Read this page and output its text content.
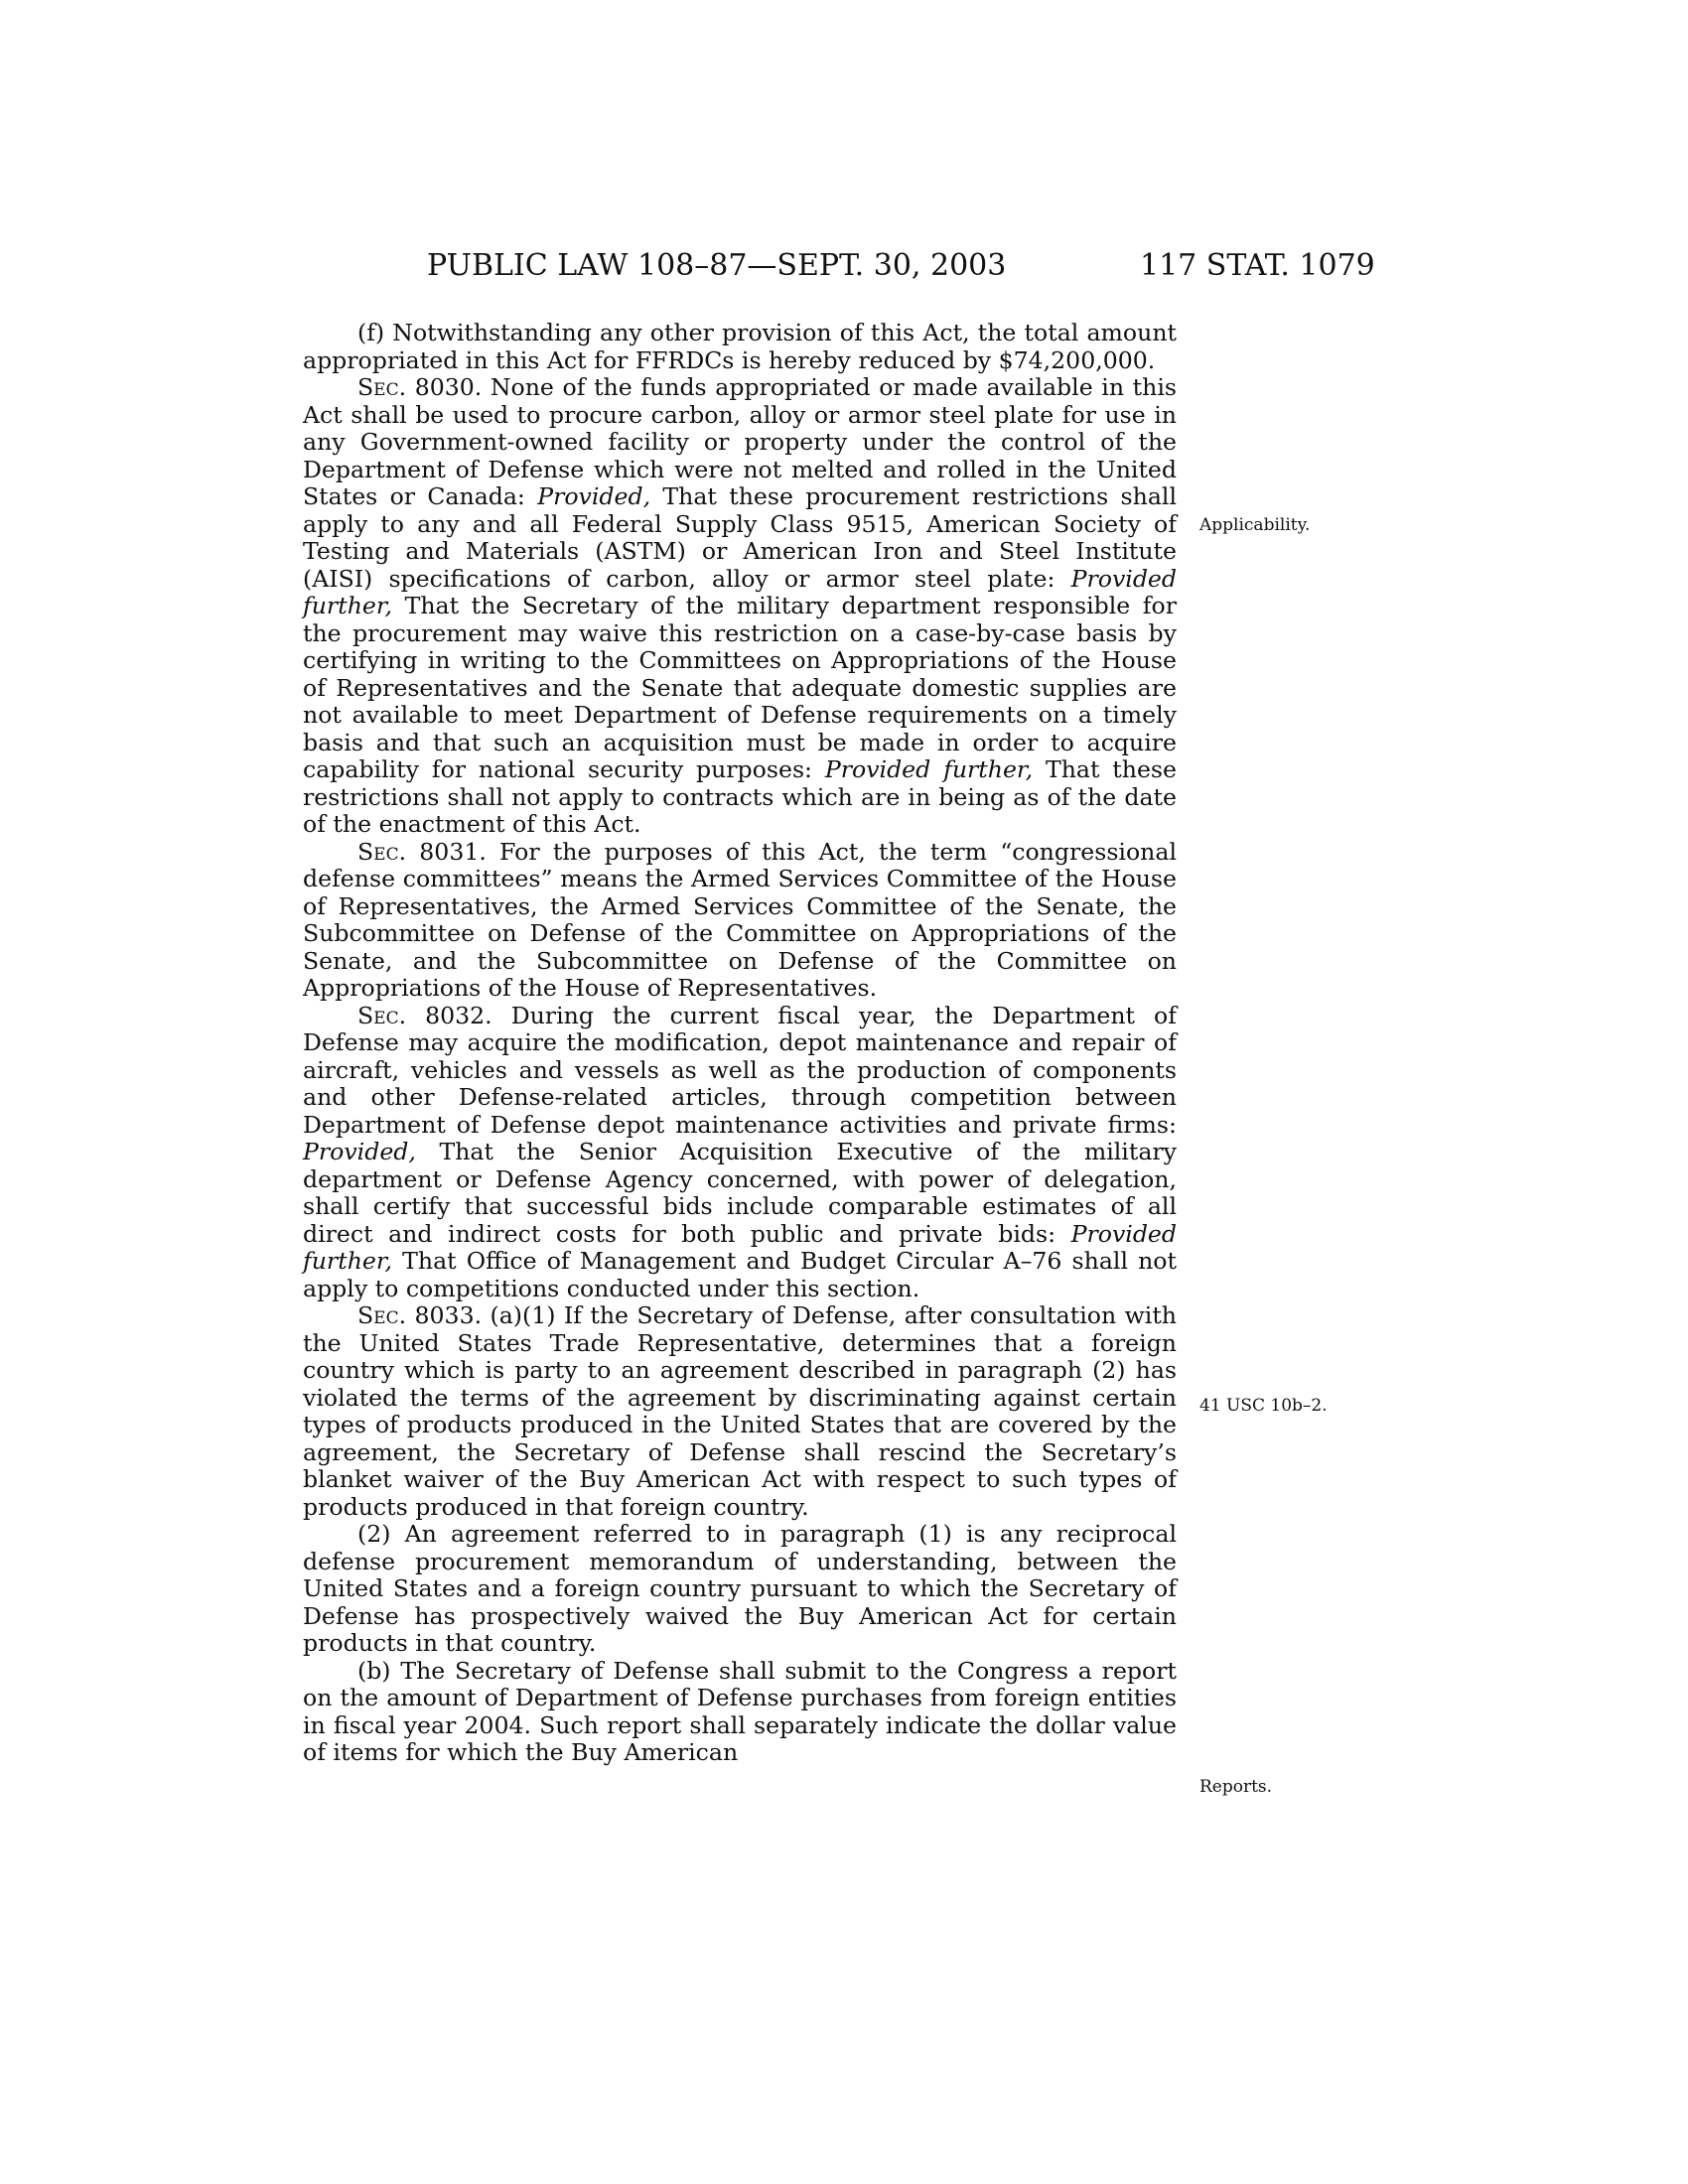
PUBLIC LAW 108–87—SEPT. 30, 2003	117 STAT. 1079

(f) Notwithstanding any other provision of this Act, the total amount appropriated in this Act for FFRDCs is hereby reduced by $74,200,000.

Sec. 8030. None of the funds appropriated or made available in this Act shall be used to procure carbon, alloy or armor steel plate for use in any Government-owned facility or property under the control of the Department of Defense which were not melted and rolled in the United States or Canada: Provided, That these procurement restrictions shall apply to any and all Federal Supply Class 9515, American Society of Testing and Materials (ASTM) or American Iron and Steel Institute (AISI) specifications of carbon, alloy or armor steel plate: Provided further, That the Secretary of the military department responsible for the procurement may waive this restriction on a case-by-case basis by certifying in writing to the Committees on Appropriations of the House of Representatives and the Senate that adequate domestic supplies are not available to meet Department of Defense requirements on a timely basis and that such an acquisition must be made in order to acquire capability for national security purposes: Provided further, That these restrictions shall not apply to contracts which are in being as of the date of the enactment of this Act.

Sec. 8031. For the purposes of this Act, the term “congressional defense committees” means the Armed Services Committee of the House of Representatives, the Armed Services Committee of the Senate, the Subcommittee on Defense of the Committee on Appropriations of the Senate, and the Subcommittee on Defense of the Committee on Appropriations of the House of Representatives.

Sec. 8032. During the current fiscal year, the Department of Defense may acquire the modification, depot maintenance and repair of aircraft, vehicles and vessels as well as the production of components and other Defense-related articles, through competition between Department of Defense depot maintenance activities and private firms: Provided, That the Senior Acquisition Executive of the military department or Defense Agency concerned, with power of delegation, shall certify that successful bids include comparable estimates of all direct and indirect costs for both public and private bids: Provided further, That Office of Management and Budget Circular A–76 shall not apply to competitions conducted under this section.

Sec. 8033. (a)(1) If the Secretary of Defense, after consultation with the United States Trade Representative, determines that a foreign country which is party to an agreement described in paragraph (2) has violated the terms of the agreement by discriminating against certain types of products produced in the United States that are covered by the agreement, the Secretary of Defense shall rescind the Secretary’s blanket waiver of the Buy American Act with respect to such types of products produced in that foreign country.

(2) An agreement referred to in paragraph (1) is any reciprocal defense procurement memorandum of understanding, between the United States and a foreign country pursuant to which the Secretary of Defense has prospectively waived the Buy American Act for certain products in that country.

(b) The Secretary of Defense shall submit to the Congress a report on the amount of Department of Defense purchases from foreign entities in fiscal year 2004. Such report shall separately indicate the dollar value of items for which the Buy American

Applicability.
41 USC 10b–2.
Reports.
